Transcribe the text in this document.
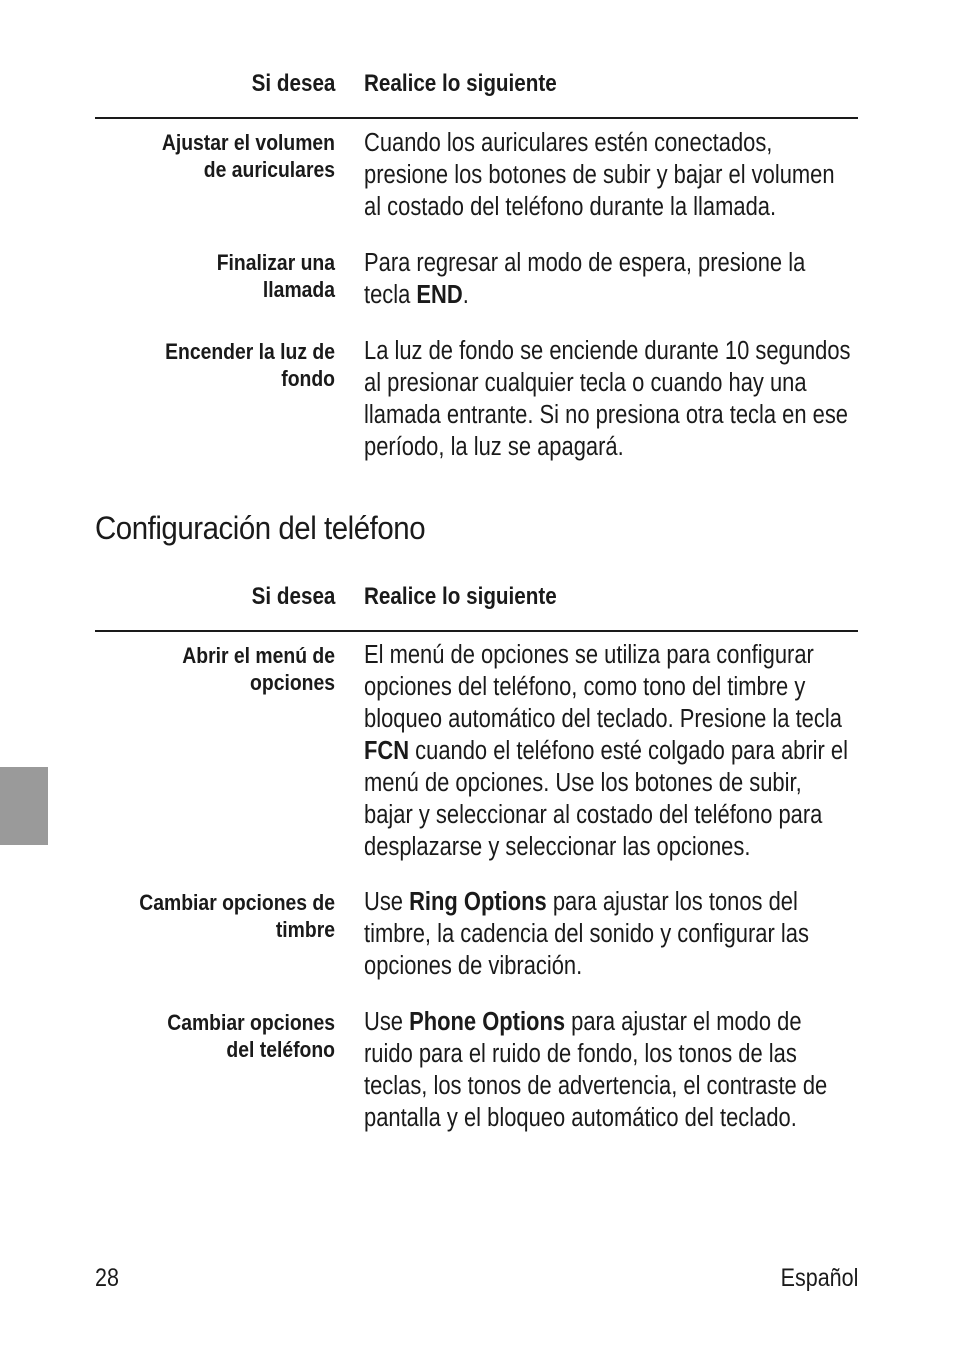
Si desea Realice lo siguiente
Ajustar el volumen
de auriculares
Cuando los auriculares estén conectados, presione los botones de subir y bajar el volumen al costado del teléfono durante la llamada.
Finalizar una
llamada
Para regresar al modo de espera, presione la tecla END.
Encender la luz de
fondo
La luz de fondo se enciende durante 10 segundos al presionar cualquier tecla o cuando hay una llamada entrante. Si no presiona otra tecla en ese período, la luz se apagará.
Configuración del teléfono
Si desea Realice lo siguiente
Abrir el menú de
opciones
El menú de opciones se utiliza para configurar opciones del teléfono, como tono del timbre y bloqueo automático del teclado. Presione la tecla FCN cuando el teléfono esté colgado para abrir el menú de opciones. Use los botones de subir, bajar y seleccionar al costado del teléfono para desplazarse y seleccionar las opciones.
Cambiar opciones de
timbre
Use Ring Options para ajustar los tonos del timbre, la cadencia del sonido y configurar las opciones de vibración.
Cambiar opciones
del teléfono
Use Phone Options para ajustar el modo de ruido para el ruido de fondo, los tonos de las teclas, los tonos de advertencia, el contraste de pantalla y el bloqueo automático del teclado.
28	Español
